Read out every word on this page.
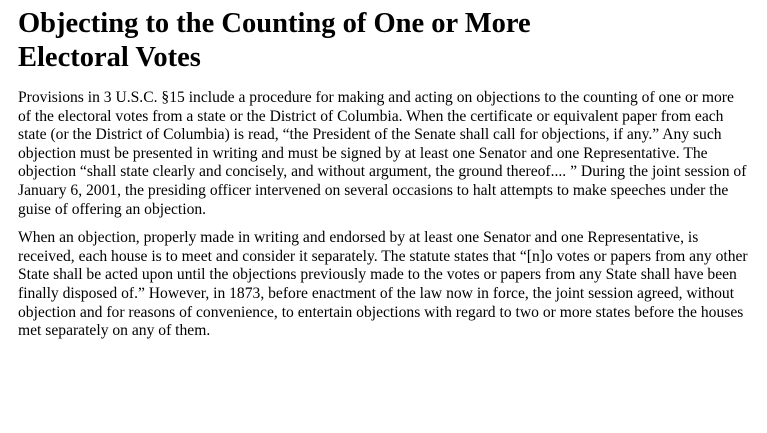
Objecting to the Counting of One or More Electoral Votes

Provisions in 3 U.S.C. §15 include a procedure for making and acting on objections to the counting of one or more of the electoral votes from a state or the District of Columbia. When the certificate or equivalent paper from each state (or the District of Columbia) is read, “the President of the Senate shall call for objections, if any.” Any such objection must be presented in writing and must be signed by at least one Senator and one Representative. The objection “shall state clearly and concisely, and without argument, the ground thereof.... ” During the joint session of January 6, 2001, the presiding officer intervened on several occasions to halt attempts to make speeches under the guise of offering an objection.

When an objection, properly made in writing and endorsed by at least one Senator and one Representative, is received, each house is to meet and consider it separately. The statute states that “[n]o votes or papers from any other State shall be acted upon until the objections previously made to the votes or papers from any State shall have been finally disposed of.” However, in 1873, before enactment of the law now in force, the joint session agreed, without objection and for reasons of convenience, to entertain objections with regard to two or more states before the houses met separately on any of them.
